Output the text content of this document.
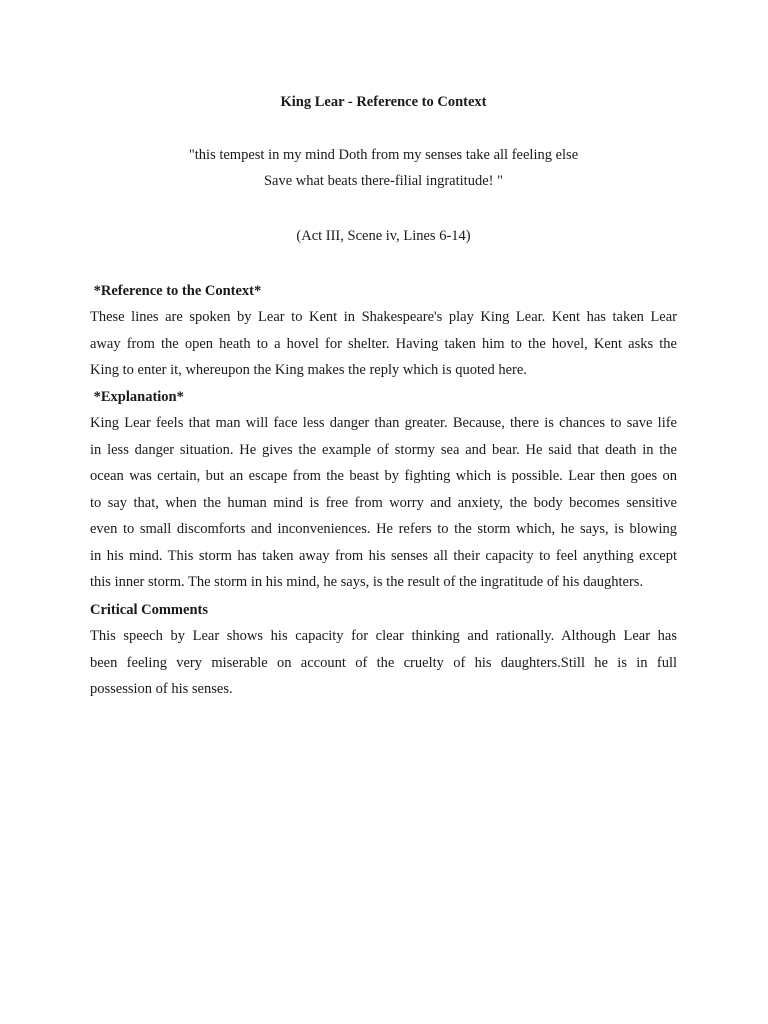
King Lear - Reference to Context
"this tempest in my mind Doth from my senses take all feeling else
Save what beats there-filial ingratitude! "
(Act III, Scene iv, Lines 6-14)
*Reference to the Context*
These lines are spoken by Lear to Kent in Shakespeare's play King Lear. Kent has taken Lear
away from the open heath to a hovel for shelter. Having taken him to the hovel, Kent asks the
King to enter it, whereupon the King makes the reply which is quoted here.
*Explanation*
King Lear feels that man will face less danger than greater. Because, there is chances to save life
in less danger situation. He gives the example of stormy sea and bear. He said that death in the
ocean was certain, but an escape from the beast by fighting which is possible. Lear then goes on
to say that, when the human mind is free from worry and anxiety, the body becomes sensitive
even to small discomforts and inconveniences. He refers to the storm which, he says, is blowing
in his mind. This storm has taken away from his senses all their capacity to feel anything except
this inner storm. The storm in his mind, he says, is the result of the ingratitude of his daughters.
Critical Comments
This speech by Lear shows his capacity for clear thinking and rationally. Although Lear has
been feeling very miserable on account of the cruelty of his daughters.Still he is in full
possession of his senses.
